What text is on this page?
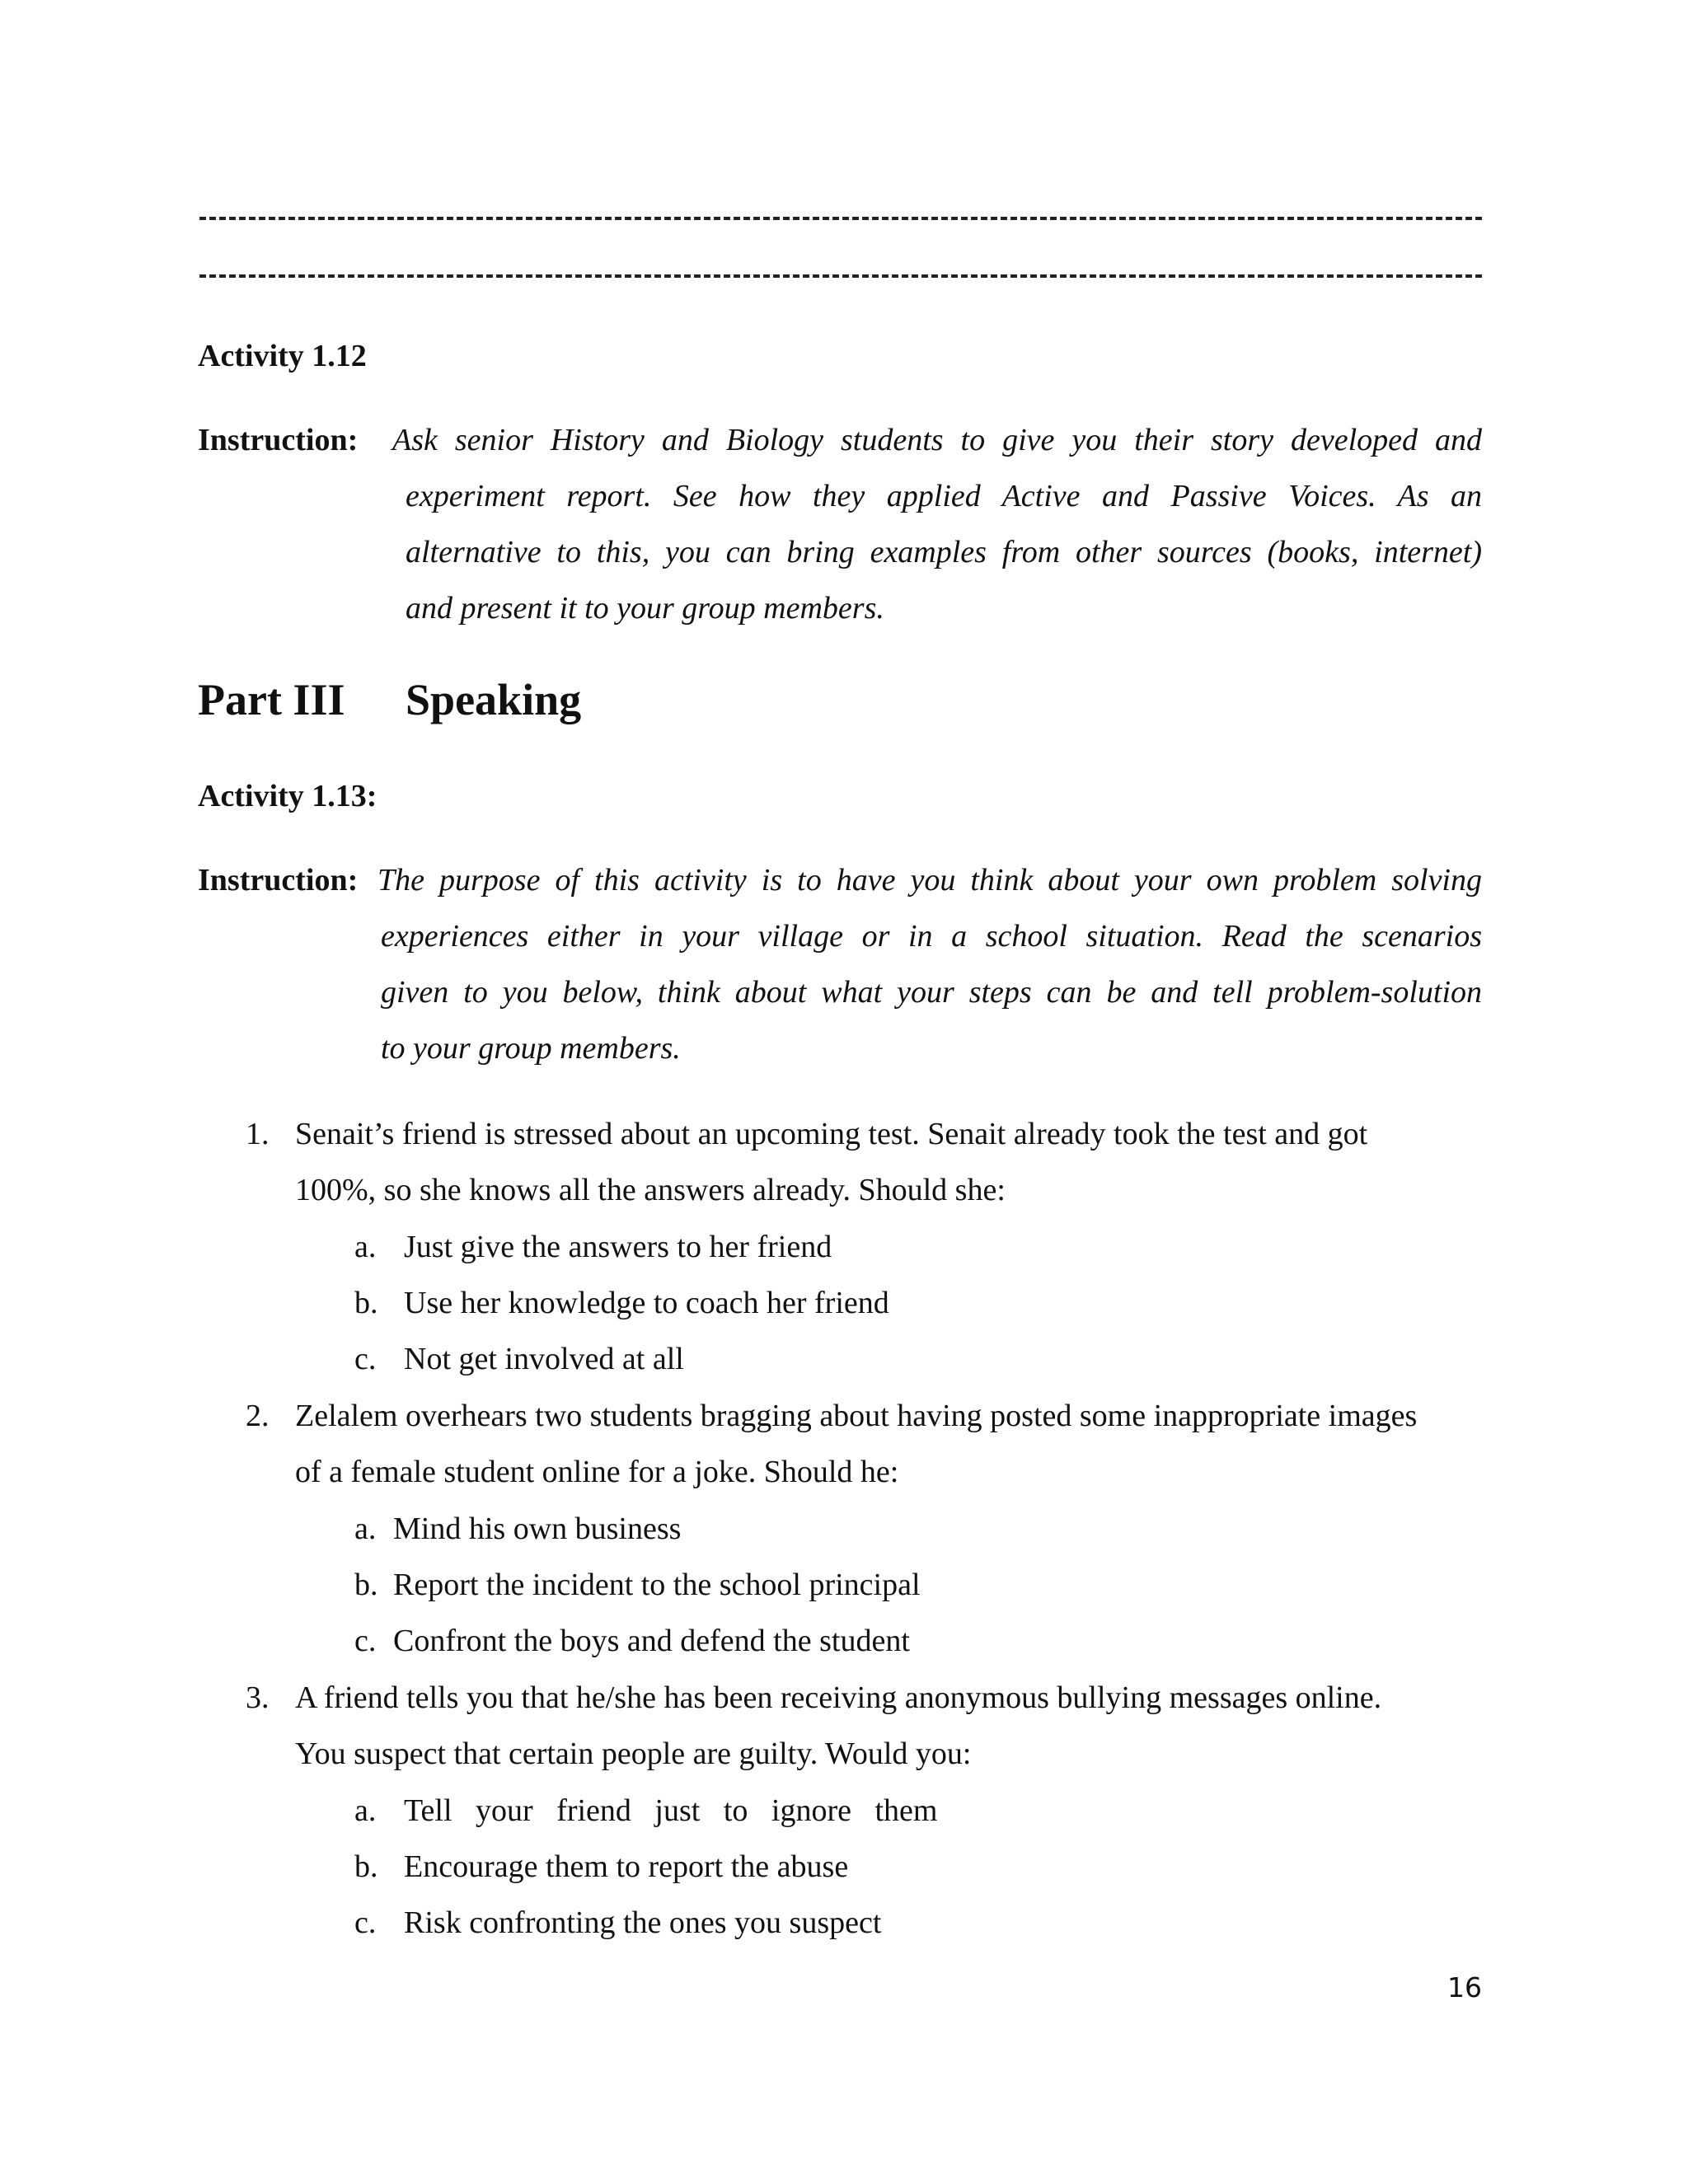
Activity 1.12
Instruction: Ask senior History and Biology students to give you their story developed and
experiment report. See how they applied Active and Passive Voices. As an
alternative to this, you can bring examples from other sources (books, internet)
and present it to your group members.
Part III Speaking
Activity 1.13:
Instruction: The purpose of this activity is to have you think about your own problem solving
experiences either in your village or in a school situation. Read the scenarios
given to you below, think about what your steps can be and tell problem-solution
to your group members.
1. Senait’s friend is stressed about an upcoming test. Senait already took the test and got
100%, so she knows all the answers already. Should she:
a. Just give the answers to her friend
b. Use her knowledge to coach her friend
c. Not get involved at all
2. Zelalem overhears two students bragging about having posted some inappropriate images
of a female student online for a joke. Should he:
a. Mind his own business
b. Report the incident to the school principal
c. Confront the boys and defend the student
3. A friend tells you that he/she has been receiving anonymous bullying messages online.
You suspect that certain people are guilty. Would you:
a. Tell   your   friend   just   to   ignore   them
b. Encourage them to report the abuse
c. Risk confronting the ones you suspect
16
